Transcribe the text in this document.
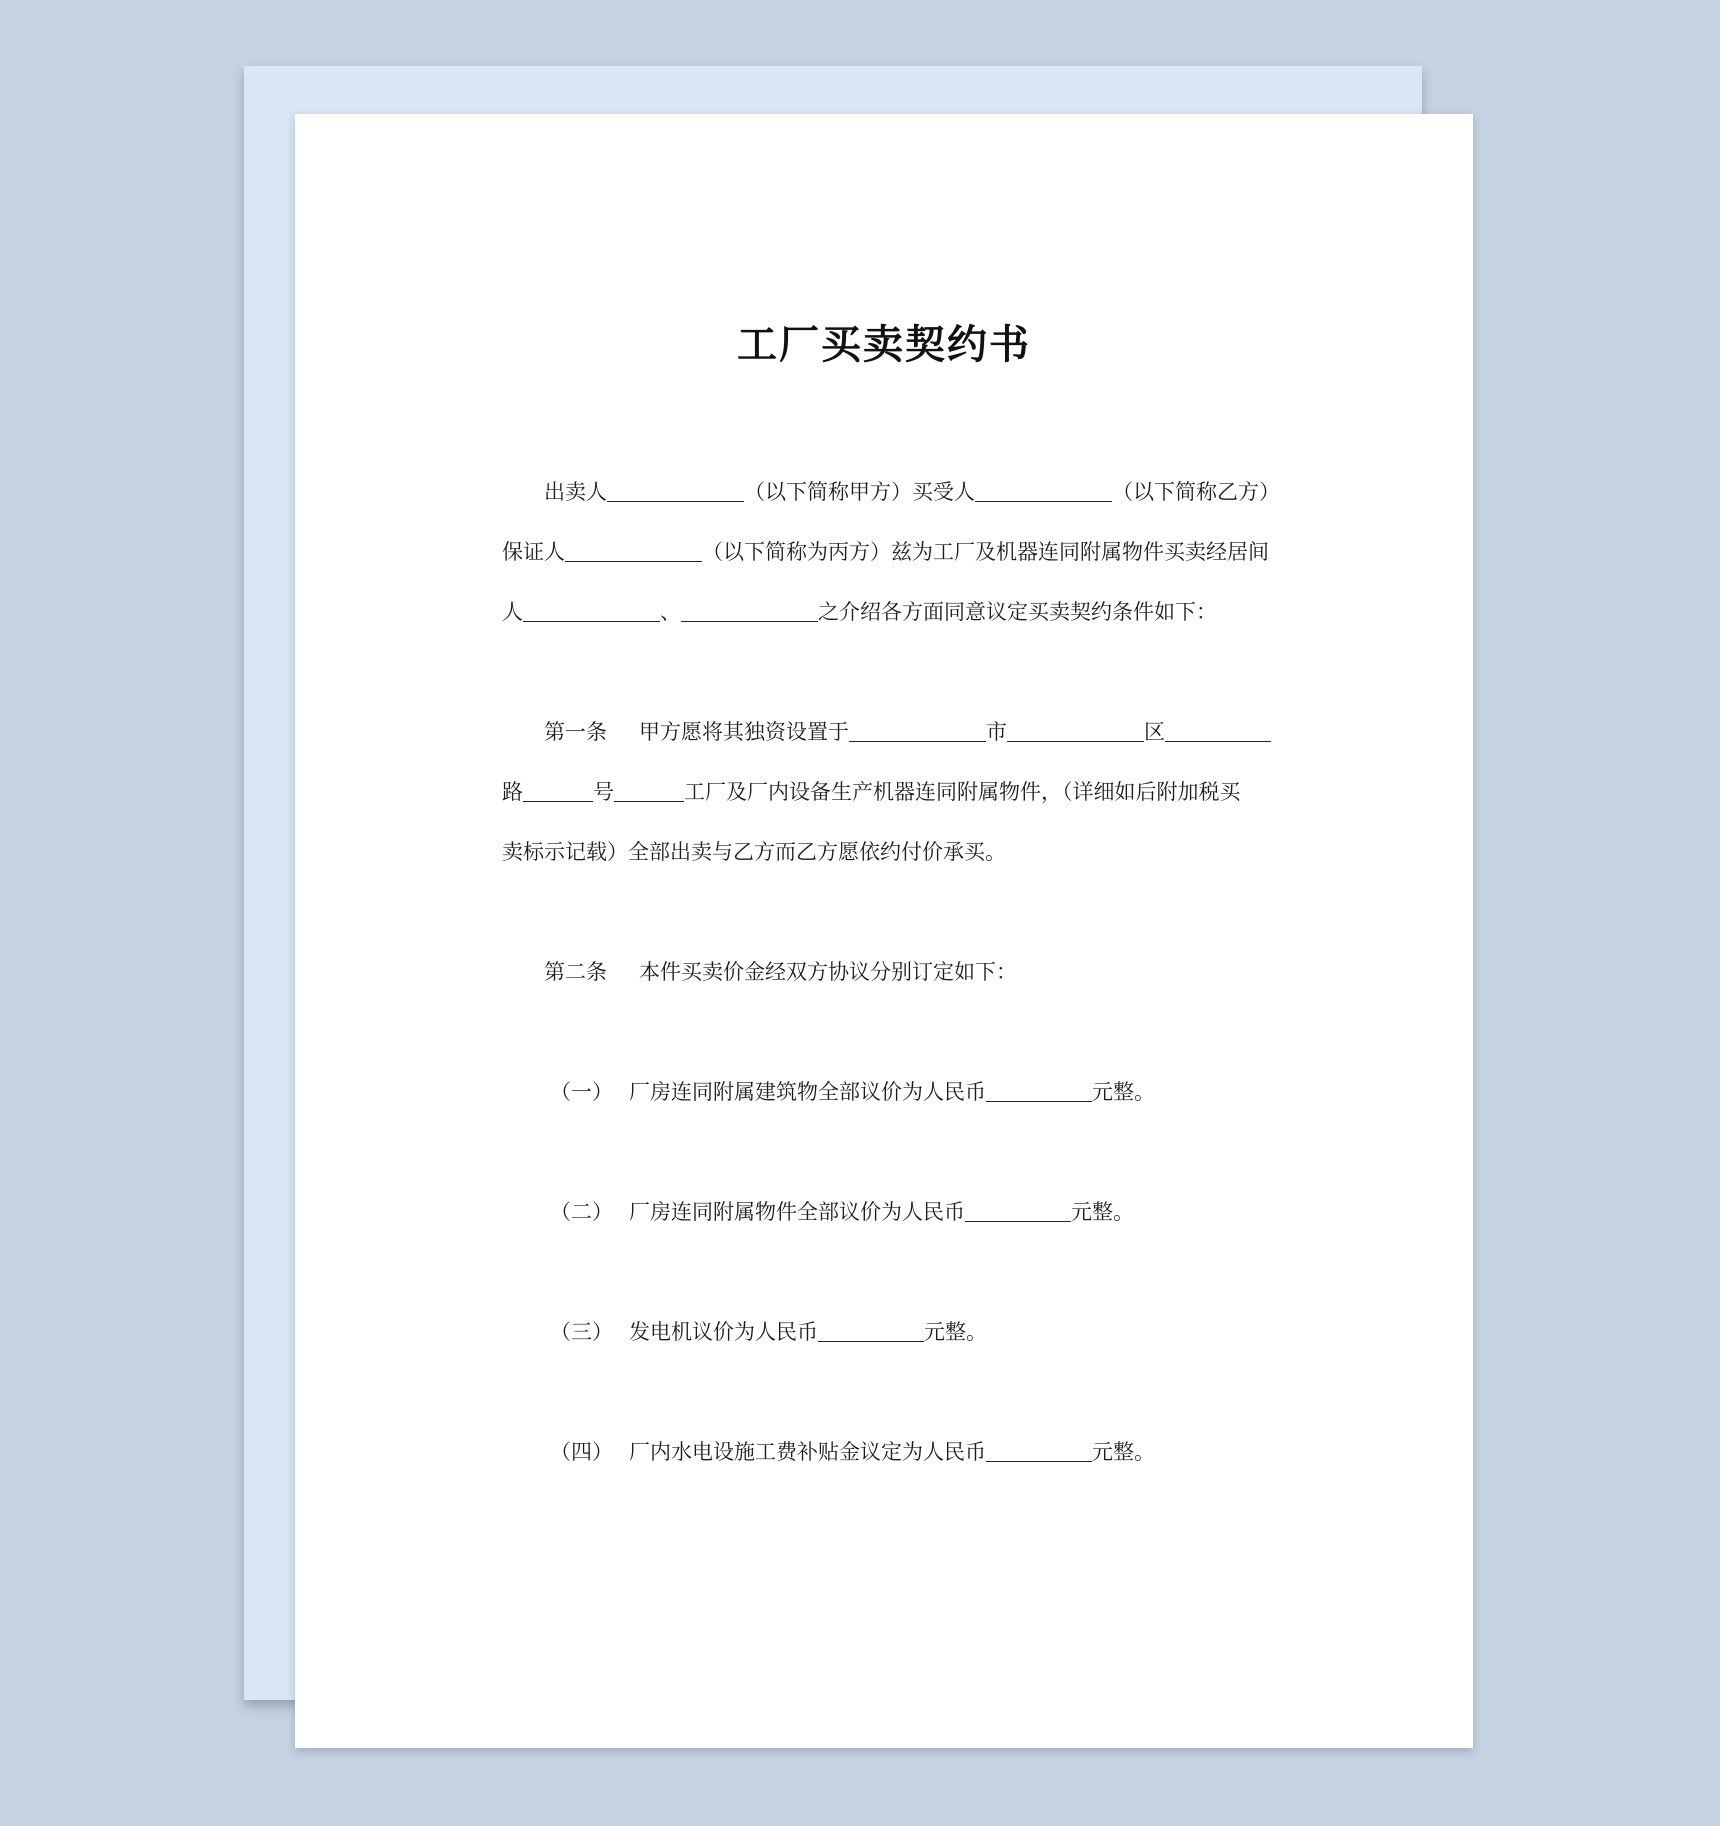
工厂买卖契约书
出卖人	（以下简称甲方）买受人	（以下简称乙方）
保证人	（以下简称为丙方）兹为工厂及机器连同附属物件买卖经居间
人	、	之介绍各方面同意议定买卖契约条件如下：
第一条 甲方愿将其独资设置于	市	区
路	号	工厂及厂内设备生产机器连同附属物件，（详细如后附加税买
卖标示记载）全部出卖与乙方而乙方愿依约付价承买。
第二条 本件买卖价金经双方协议分别订定如下：
（一） 厂房连同附属建筑物全部议价为人民币	元整。
（二） 厂房连同附属物件全部议价为人民币	元整。
（三） 发电机议价为人民币	元整。
（四） 厂内水电设施工费补贴金议定为人民币	元整。
